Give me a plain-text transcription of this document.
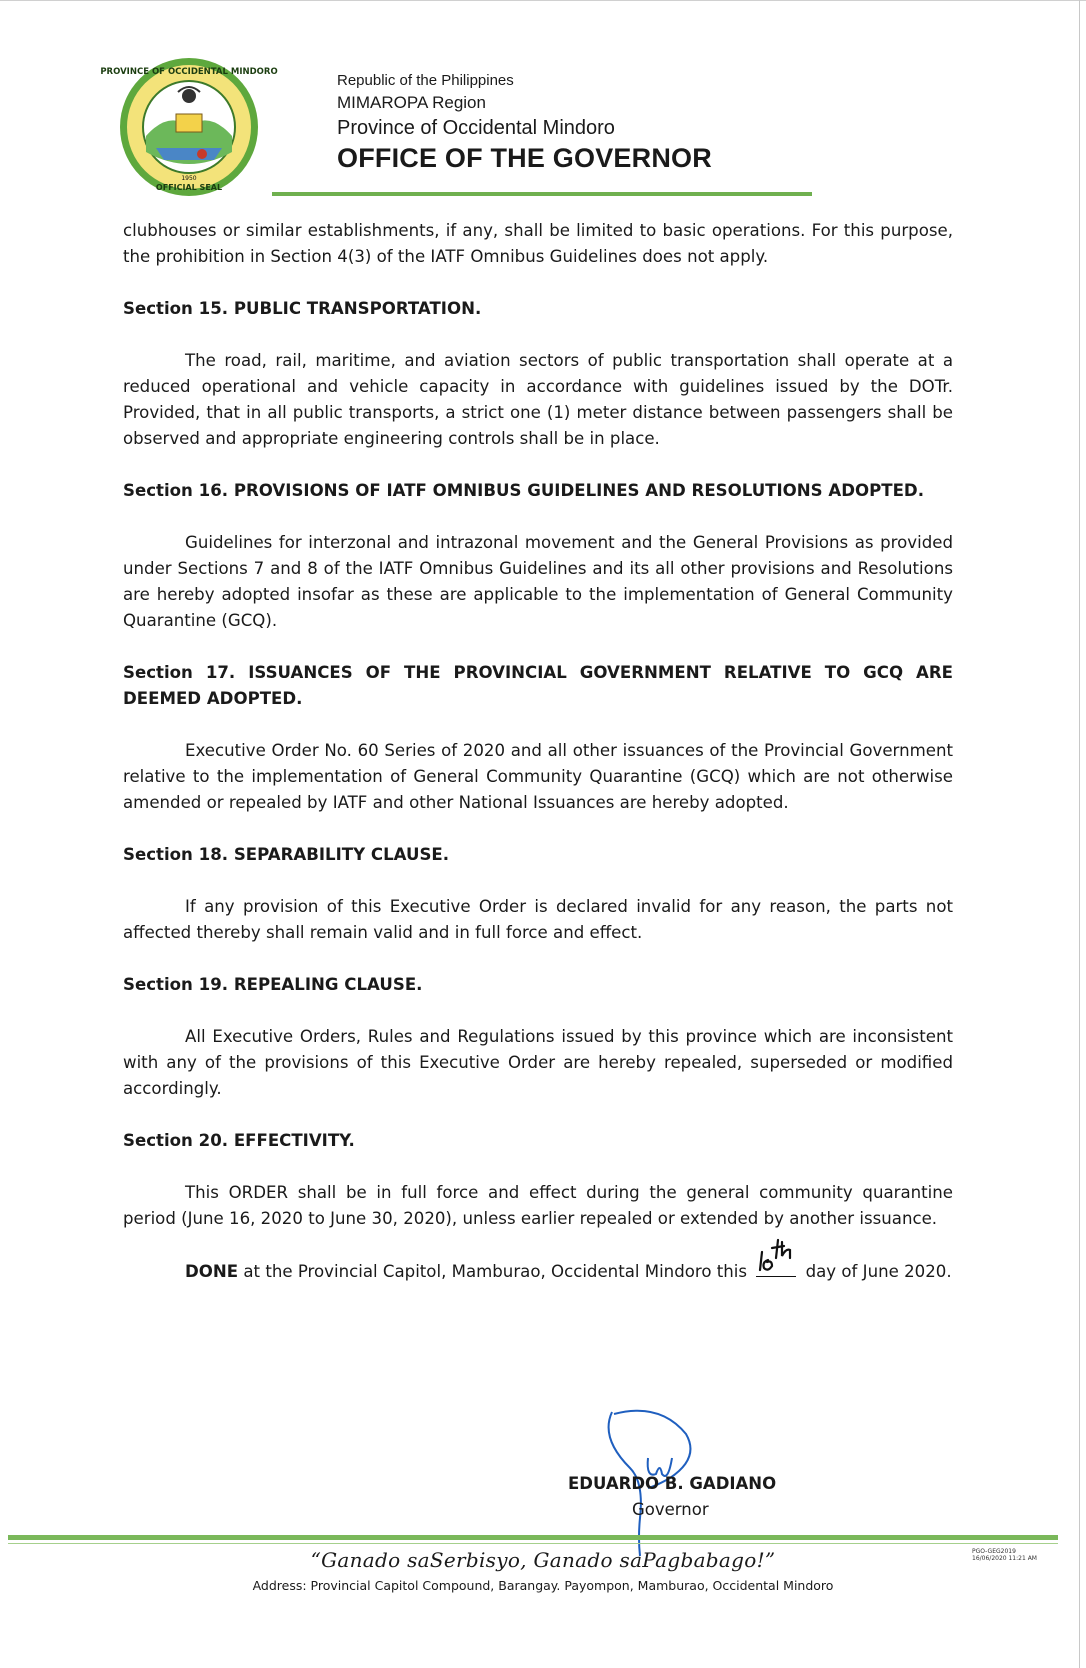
1950
PROVINCE OF OCCIDENTAL MINDORO
OFFICIAL SEAL
Republic of the Philippines
MIMAROPA Region
Province of Occidental Mindoro
OFFICE OF THE GOVERNOR

clubhouses or similar establishments, if any, shall be limited to basic operations. For this purpose, the prohibition in Section 4(3) of the IATF Omnibus Guidelines does not apply.

Section 15. PUBLIC TRANSPORTATION.

The road, rail, maritime, and aviation sectors of public transportation shall operate at a reduced operational and vehicle capacity in accordance with guidelines issued by the DOTr. Provided, that in all public transports, a strict one (1) meter distance between passengers shall be observed and appropriate engineering controls shall be in place.

Section 16. PROVISIONS OF IATF OMNIBUS GUIDELINES AND RESOLUTIONS ADOPTED.

Guidelines for interzonal and intrazonal movement and the General Provisions as provided under Sections 7 and 8 of the IATF Omnibus Guidelines and its all other provisions and Resolutions are hereby adopted insofar as these are applicable to the implementation of General Community Quarantine (GCQ).

Section 17. ISSUANCES OF THE PROVINCIAL GOVERNMENT RELATIVE TO GCQ ARE DEEMED ADOPTED.

Executive Order No. 60 Series of 2020 and all other issuances of the Provincial Government relative to the implementation of General Community Quarantine (GCQ) which are not otherwise amended or repealed by IATF and other National Issuances are hereby adopted.

Section 18. SEPARABILITY CLAUSE.

If any provision of this Executive Order is declared invalid for any reason, the parts not affected thereby shall remain valid and in full force and effect.

Section 19. REPEALING CLAUSE.

All Executive Orders, Rules and Regulations issued by this province which are inconsistent with any of the provisions of this Executive Order are hereby repealed, superseded or modified accordingly.

Section 20. EFFECTIVITY.

This ORDER shall be in full force and effect during the general community quarantine period (June 16, 2020 to June 30, 2020), unless earlier repealed or extended by another issuance.

DONE at the Provincial Capitol, Mamburao, Occidental Mindoro this
16th
day of June 2020.

EDUARDO B. GADIANO
Governor
“Ganado saSerbisyo, Ganado saPagbabago!”
Address: Provincial Capitol Compound, Barangay. Payompon, Mamburao, Occidental Mindoro
PGO-GEG2019
16/06/2020 11:21 AM
